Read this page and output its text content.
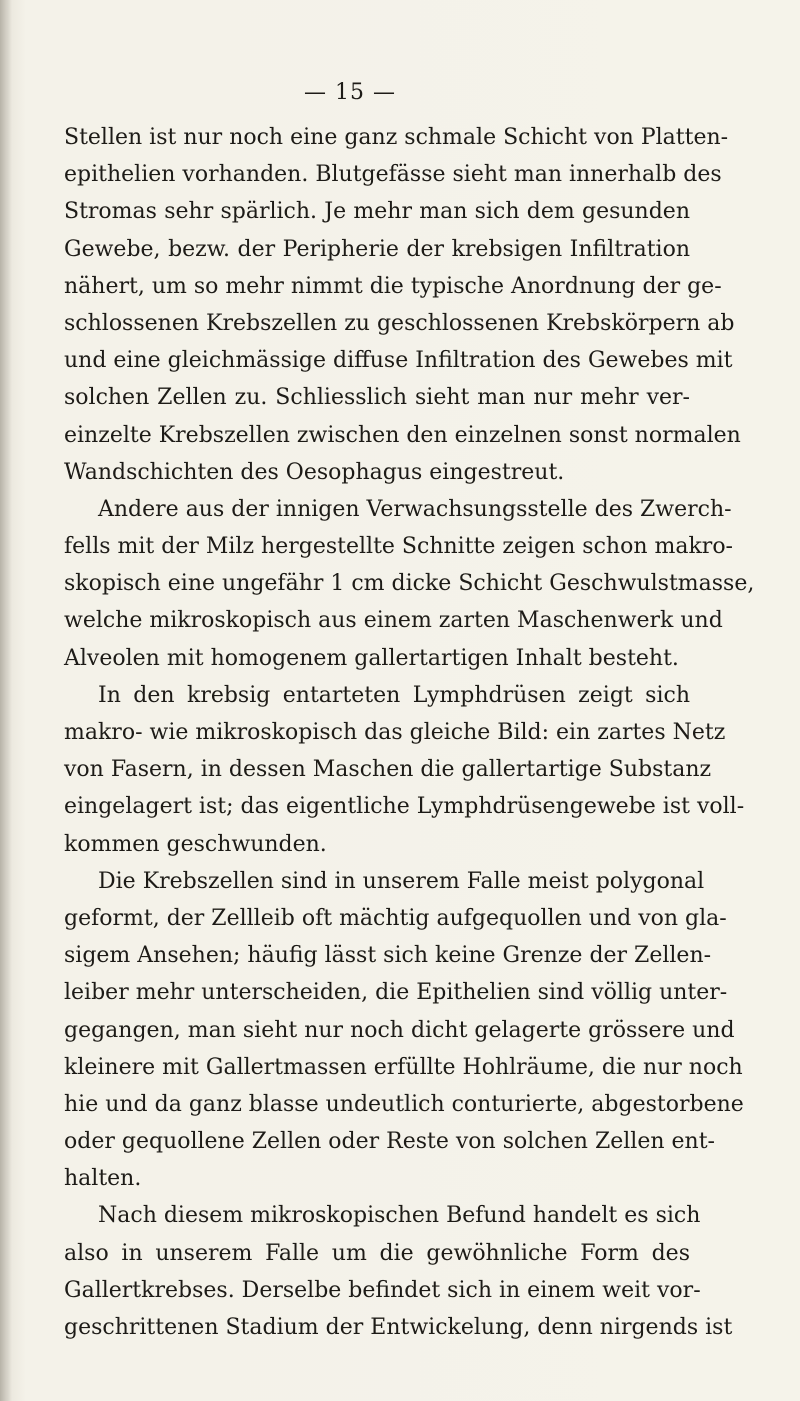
— 15 —
Stellen ist nur noch eine ganz schmale Schicht von Platten-
epithelien vorhanden. Blutgefässe sieht man innerhalb des
Stromas sehr spärlich. Je mehr man sich dem gesunden
Gewebe, bezw. der Peripherie der krebsigen Infiltration
nähert, um so mehr nimmt die typische Anordnung der ge-
schlossenen Krebszellen zu geschlossenen Krebskörpern ab
und eine gleichmässige diffuse Infiltration des Gewebes mit
solchen Zellen zu. Schliesslich sieht man nur mehr ver-
einzelte Krebszellen zwischen den einzelnen sonst normalen
Wandschichten des Oesophagus eingestreut.
Andere aus der innigen Verwachsungsstelle des Zwerch-
fells mit der Milz hergestellte Schnitte zeigen schon makro-
skopisch eine ungefähr 1 cm dicke Schicht Geschwulstmasse,
welche mikroskopisch aus einem zarten Maschenwerk und
Alveolen mit homogenem gallertartigen Inhalt besteht.
In den krebsig entarteten Lymphdrüsen zeigt sich
makro- wie mikroskopisch das gleiche Bild: ein zartes Netz
von Fasern, in dessen Maschen die gallertartige Substanz
eingelagert ist; das eigentliche Lymphdrüsengewebe ist voll-
kommen geschwunden.
Die Krebszellen sind in unserem Falle meist polygonal
geformt, der Zellleib oft mächtig aufgequollen und von gla-
sigem Ansehen; häufig lässt sich keine Grenze der Zellen-
leiber mehr unterscheiden, die Epithelien sind völlig unter-
gegangen, man sieht nur noch dicht gelagerte grössere und
kleinere mit Gallertmassen erfüllte Hohlräume, die nur noch
hie und da ganz blasse undeutlich conturierte, abgestorbene
oder gequollene Zellen oder Reste von solchen Zellen ent-
halten.
Nach diesem mikroskopischen Befund handelt es sich
also in unserem Falle um die gewöhnliche Form des
Gallertkrebses. Derselbe befindet sich in einem weit vor-
geschrittenen Stadium der Entwickelung, denn nirgends ist
